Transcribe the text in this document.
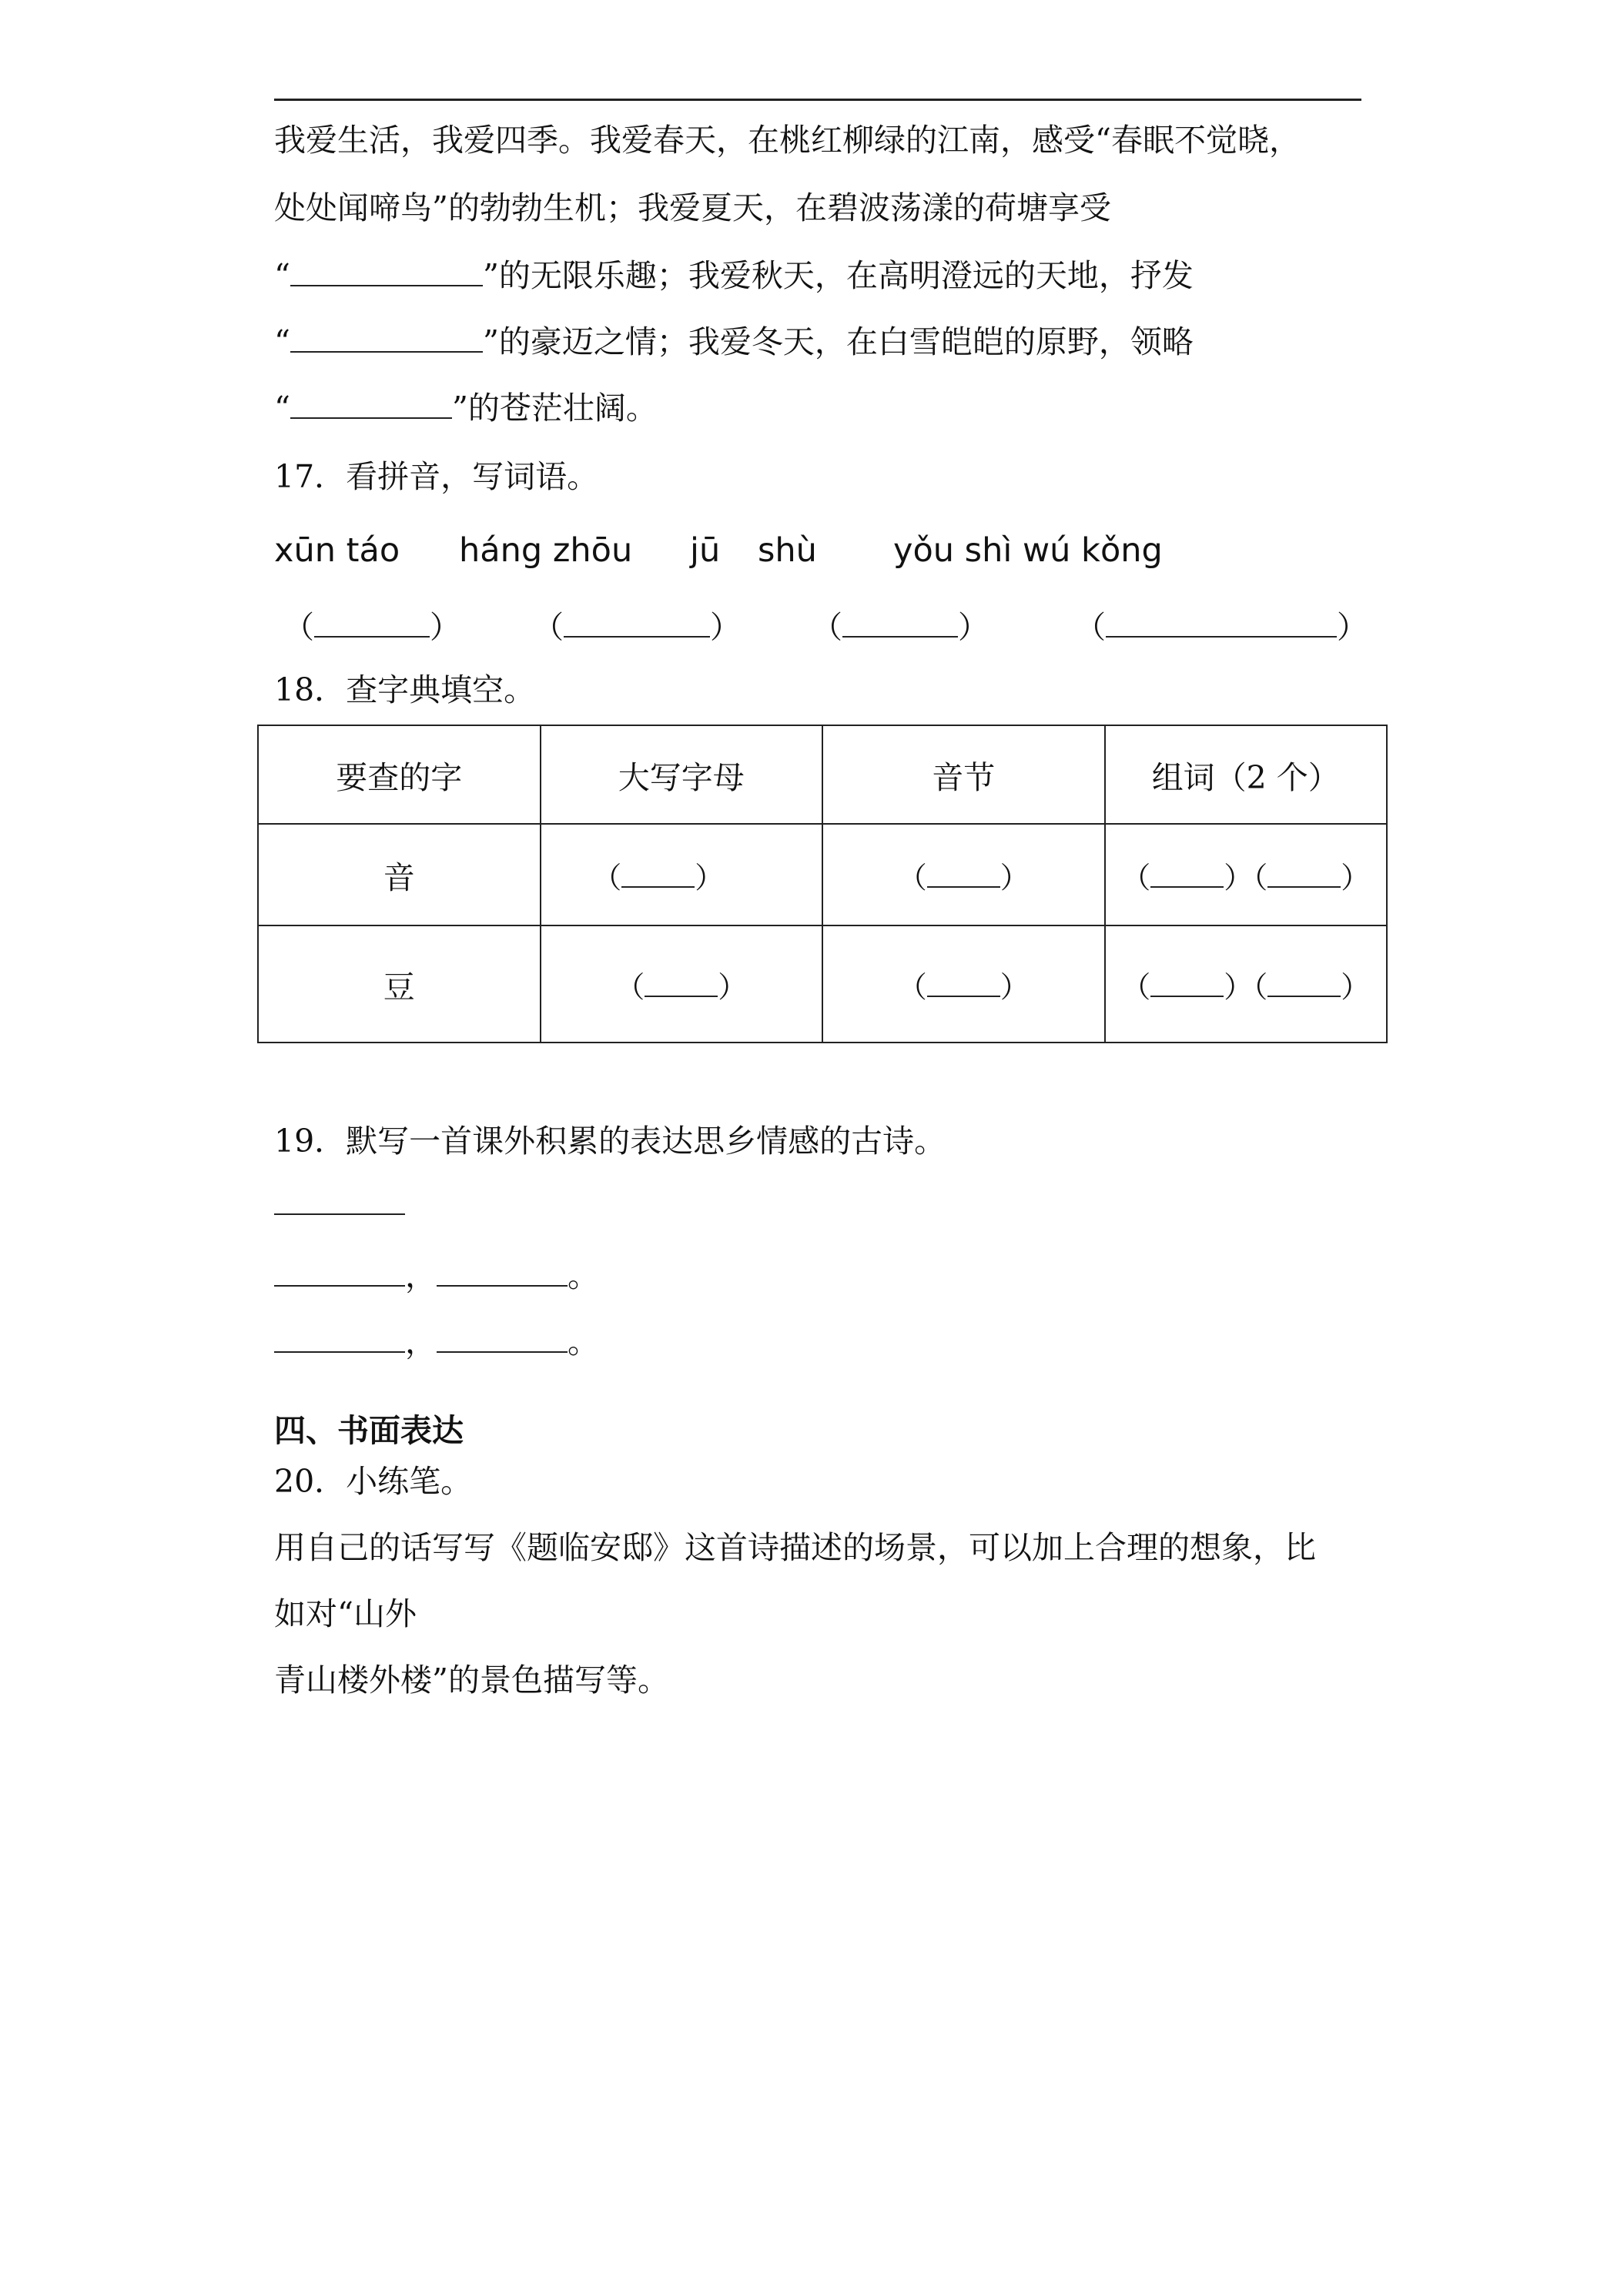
我爱生活，我爱四季。我爱春天，在桃红柳绿的江南，感受“春眠不觉晓，
处处闻啼鸟”的勃勃生机；我爱夏天，在碧波荡漾的荷塘享受
“	”的无限乐趣；我爱秋天，在高明澄远的天地，抒发
“	”的豪迈之情；我爱冬天，在白雪皑皑的原野，领略
“	”的苍茫壮阔。
17．看拼音，写词语。
xūn táo háng zhōu jū shù yǒu shì wú kǒng
（	） （	） （	）	（	）
18．查字典填空。
要查的字	大写字母	音节	组词（2 个）
音	（ ）	（ ）	（ ）（ ）
豆	（ ）	（ ）	（ ）（ ）
19．默写一首课外积累的表达思乡情感的古诗。
，	。
，	。
四、书面表达
20．小练笔。
用自己的话写写《题临安邸》这首诗描述的场景，可以加上合理的想象，比
如对“山外
青山楼外楼”的景色描写等。
